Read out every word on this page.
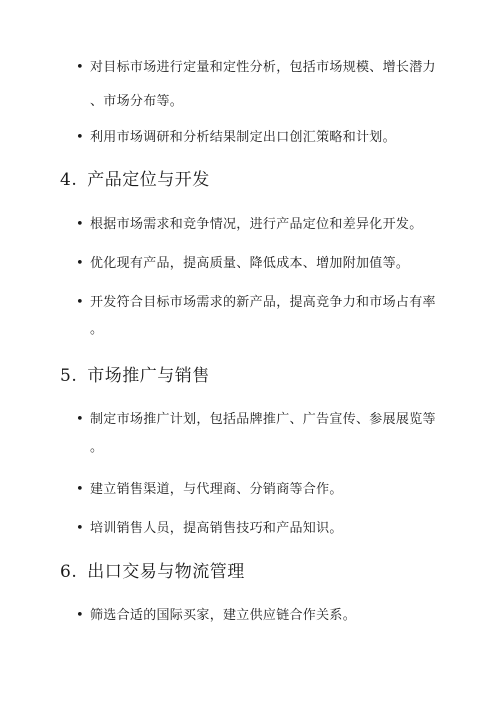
• 对目标市场进行定量和定性分析，包括市场规模、增长潜力
、市场分布等。
• 利用市场调研和分析结果制定出口创汇策略和计划。
4. 产品定位与开发
• 根据市场需求和竞争情况，进行产品定位和差异化开发。
• 优化现有产品，提高质量、降低成本、增加附加值等。
• 开发符合目标市场需求的新产品，提高竞争力和市场占有率
。
5. 市场推广与销售
• 制定市场推广计划，包括品牌推广、广告宣传、参展展览等
。
• 建立销售渠道，与代理商、分销商等合作。
• 培训销售人员，提高销售技巧和产品知识。
6. 出口交易与物流管理
• 筛选合适的国际买家，建立供应链合作关系。
